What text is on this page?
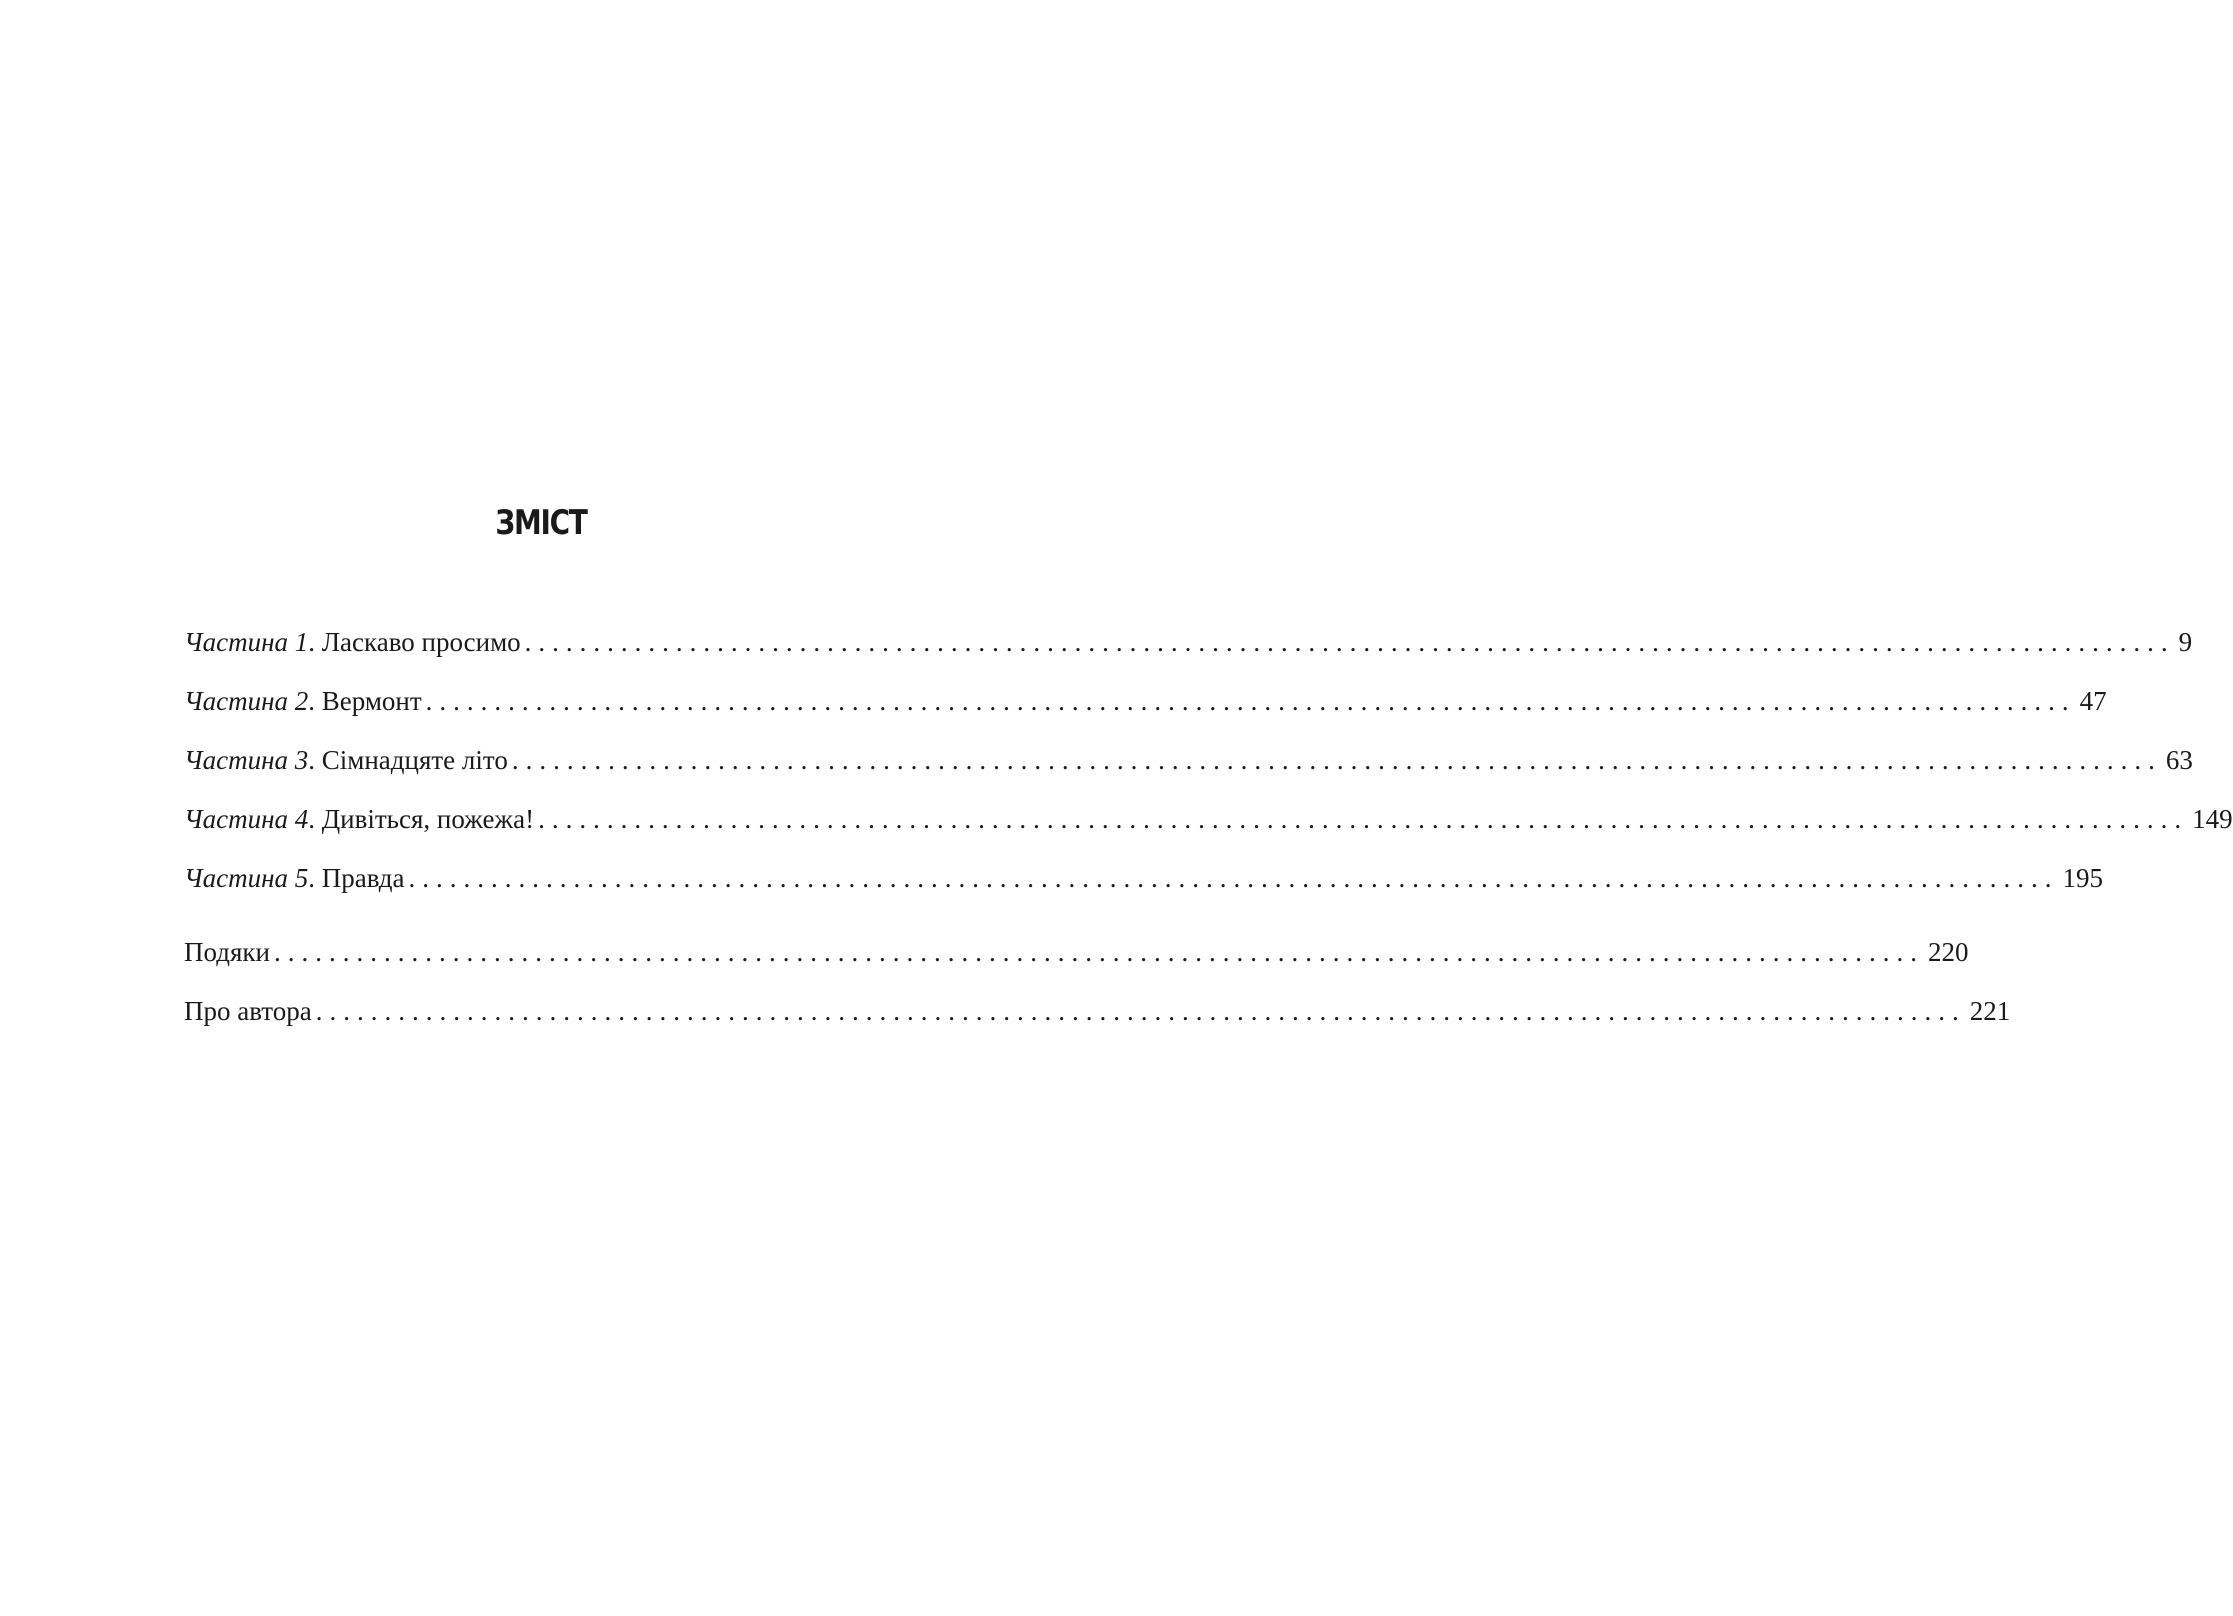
ЗМІСТ
Частина 1. Ласкаво просимо ........................................................................................................................ 9
Частина 2. Вермонт ........................................................................................................................ 47
Частина 3. Сімнадцяте літо ........................................................................................................................ 63
Частина 4. Дивіться, пожежа! ........................................................................................................................ 149
Частина 5. Правда ........................................................................................................................ 195
Подяки ........................................................................................................................ 220
Про автора ........................................................................................................................ 221
